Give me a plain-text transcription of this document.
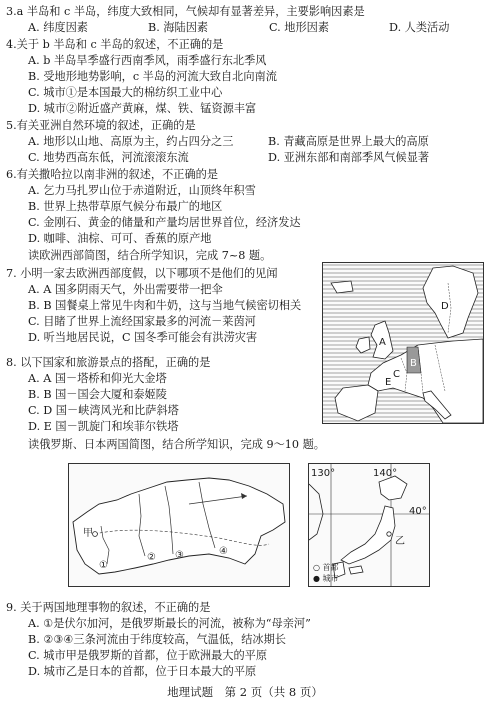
3.a 半岛和 c 半岛，纬度大致相同，气候却有显著差异，主要影响因素是
A. 纬度因素	B. 海陆因素	C. 地形因素	D. 人类活动
4.关于 b 半岛和 c 半岛的叙述，不正确的是
A. b 半岛旱季盛行西南季风，雨季盛行东北季风
B. 受地形地势影响，c 半岛的河流大致自北向南流
C. 城市①是本国最大的棉纺织工业中心
D. 城市②附近盛产黄麻，煤、铁、锰资源丰富
5.有关亚洲自然环境的叙述，正确的是
A. 地形以山地、高原为主，约占四分之三	B. 青藏高原是世界上最大的高原
C. 地势西高东低，河流滚滚东流	D. 亚洲东部和南部季风气候显著
6.有关撒哈拉以南非洲的叙述，不正确的是
A. 乞力马扎罗山位于赤道附近，山顶终年积雪
B. 世界上热带草原气候分布最广的地区
C. 金刚石、黄金的储量和产量均居世界首位，经济发达
D. 咖啡、油棕、可可、香蕉的原产地
读欧洲西部简图，结合所学知识，完成 7~8 题。
7. 小明一家去欧洲西部度假，以下哪项不是他们的见闻
A. A 国多阴雨天气，外出需要带一把伞
B. B 国餐桌上常见牛肉和牛奶，这与当地气候密切相关
C. 目睹了世界上流经国家最多的河流－莱茵河
D. 听当地居民说，C 国冬季可能会有洪涝灾害
8. 以下国家和旅游景点的搭配，正确的是
A. A 国－塔桥和仰光大金塔
B. B 国－国会大厦和泰姬陵
C. D 国－峡湾风光和比萨斜塔
D. E 国－凯旋门和埃菲尔铁塔
读俄罗斯、日本两国简图，结合所学知识，完成 9～10 题。
A
B
C
D
E
①
② ③	④
甲
130°	140°
40°
乙
○ 首都
● 城市
9. 关于两国地理事物的叙述，不正确的是
A. ①是伏尔加河，是俄罗斯最长的河流，被称为“母亲河”
B. ②③④三条河流由于纬度较高，气温低，结冰期长
C. 城市甲是俄罗斯的首都，位于欧洲最大的平原
D. 城市乙是日本的首都，位于日本最大的平原
地理试题　第 2 页（共 8 页）
